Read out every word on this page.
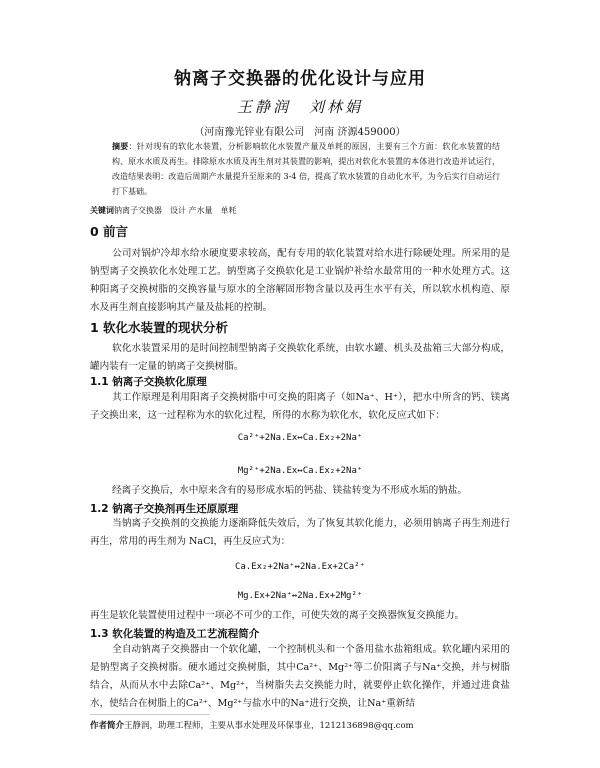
钠离子交换器的优化设计与应用
王静润　刘林娟
（河南豫光锌业有限公司　河南 济源459000）
摘要：针对现有的软化水装置，分析影响软化水装置产量及单耗的原因，主要有三个方面：软化水装置的结构、原水水质及再生。排除原水水质及再生剂对其装置的影响，提出对软化水装置的本体进行改造并试运行，改造结果表明：改造后周期产水量提升至原来的 3-4 倍，提高了软水装置的自动化水平，为今后实行自动运行打下基础。
关键词钠离子交换器　设计 产水量　单耗
0 前言
公司对锅炉冷却水给水硬度要求较高，配有专用的软化装置对给水进行除硬处理。所采用的是钠型离子交换软化水处理工艺。钠型离子交换软化是工业锅炉补给水最常用的一种水处理方式。这种阳离子交换树脂的交换容量与原水的全溶解固形物含量以及再生水平有关，所以软水机构造、原水及再生剂直接影响其产量及盐耗的控制。
1 软化水装置的现状分析
软化水装置采用的是时间控制型钠离子交换软化系统，由软水罐、机头及盐箱三大部分构成，罐内装有一定量的钠离子交换树脂。
1.1 钠离子交换软化原理
其工作原理是利用阳离子交换树脂中可交换的阳离子（如Na⁺、H⁺），把水中所含的钙、镁离子交换出来，这一过程称为水的软化过程，所得的水称为软化水，软化反应式如下：
Ca²⁺+2Na.Ex↔Ca.Ex₂+2Na⁺
Mg²⁺+2Na.Ex↔Ca.Ex₂+2Na⁺
经离子交换后，水中原来含有的易形成水垢的钙盐、镁盐转变为不形成水垢的钠盐。
1.2 钠离子交换剂再生还原原理
当钠离子交换剂的交换能力逐渐降低失效后，为了恢复其软化能力，必须用钠离子再生剂进行再生，常用的再生剂为 NaCl，再生反应式为：
Ca.Ex₂+2Na⁺↔2Na.Ex+2Ca²⁺
Mg.Ex+2Na⁺↔2Na.Ex+2Mg²⁺
再生是软化装置使用过程中一项必不可少的工作，可使失效的离子交换器恢复交换能力。
1.3 软化装置的构造及工艺流程简介
全自动钠离子交换器由一个软化罐，一个控制机头和一个备用盐水盐箱组成。软化罐内采用的是钠型离子交换树脂。硬水通过交换树脂，其中Ca²⁺、Mg²⁺等二价阳离子与Na⁺交换，并与树脂结合，从而从水中去除Ca²⁺、Mg²⁺，当树脂失去交换能力时，就要停止软化操作，并通过进食盐水，使结合在树脂上的Ca²⁺、Mg²⁺与盐水中的Na⁺进行交换，让Na⁺重新结
作者简介王静润，助理工程师，主要从事水处理及环保事业，1212136898@qq.com
